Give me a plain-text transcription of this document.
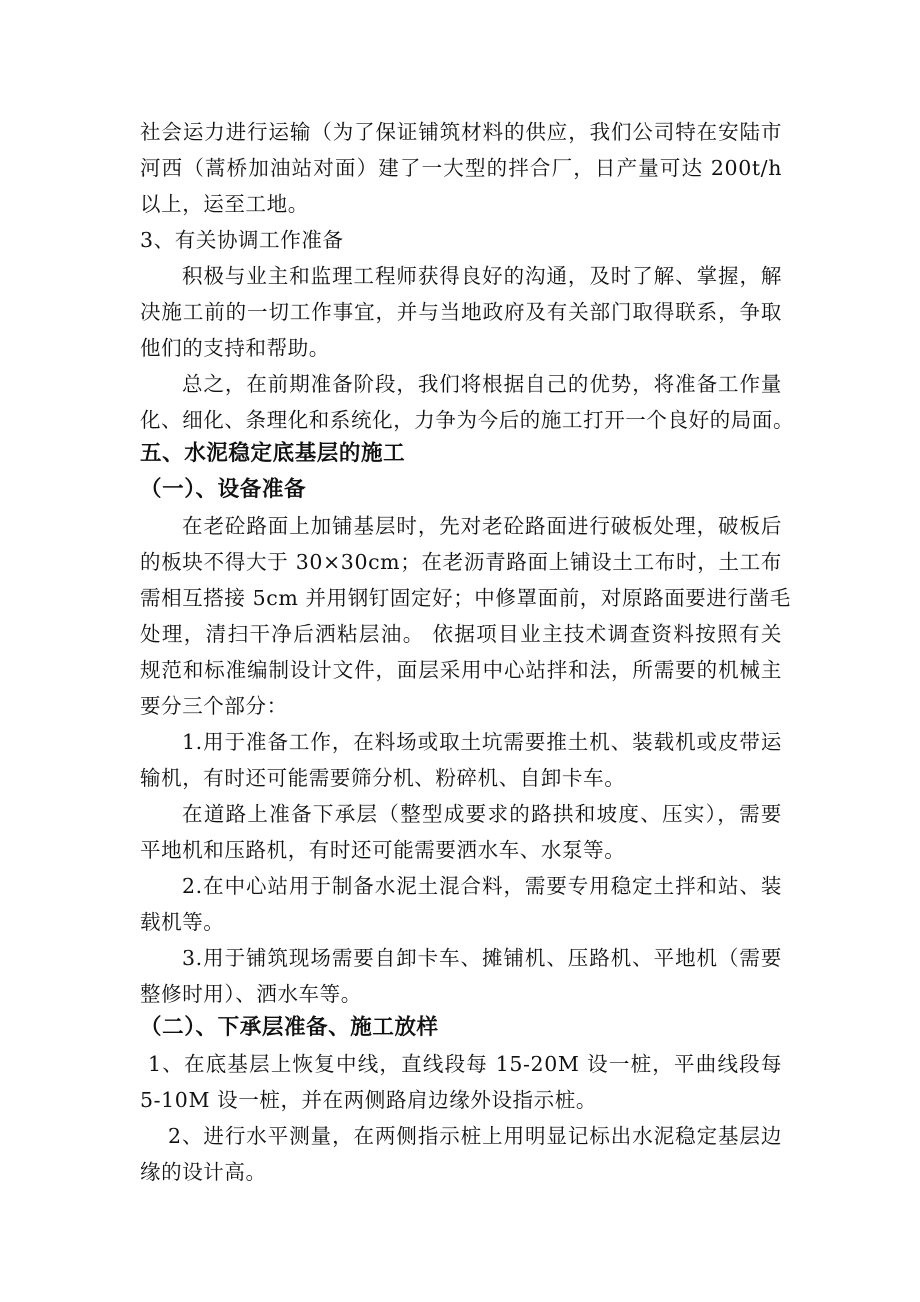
社会运力进行运输（为了保证铺筑材料的供应，我们公司特在安陆市
河西（蒿桥加油站对面）建了一大型的拌合厂，日产量可达 200t/h
以上，运至工地。
3、有关协调工作准备
积极与业主和监理工程师获得良好的沟通，及时了解、掌握，解
决施工前的一切工作事宜，并与当地政府及有关部门取得联系，争取
他们的支持和帮助。
总之，在前期准备阶段，我们将根据自己的优势，将准备工作量
化、细化、条理化和系统化，力争为今后的施工打开一个良好的局面。
五、水泥稳定底基层的施工
（一）、设备准备
在老砼路面上加铺基层时，先对老砼路面进行破板处理，破板后
的板块不得大于 30×30cm；在老沥青路面上铺设土工布时，土工布
需相互搭接 5cm 并用钢钉固定好；中修罩面前，对原路面要进行凿毛
处理，清扫干净后洒粘层油。 依据项目业主技术调查资料按照有关
规范和标准编制设计文件，面层采用中心站拌和法，所需要的机械主
要分三个部分：
1.用于准备工作，在料场或取土坑需要推土机、装载机或皮带运
输机，有时还可能需要筛分机、粉碎机、自卸卡车。
在道路上准备下承层（整型成要求的路拱和坡度、压实），需要
平地机和压路机，有时还可能需要洒水车、水泵等。
2.在中心站用于制备水泥土混合料，需要专用稳定土拌和站、装
载机等。
3.用于铺筑现场需要自卸卡车、摊铺机、压路机、平地机（需要
整修时用）、洒水车等。
（二）、下承层准备、施工放样
1、在底基层上恢复中线，直线段每 15-20M 设一桩，平曲线段每
5-10M 设一桩，并在两侧路肩边缘外设指示桩。
2、进行水平测量，在两侧指示桩上用明显记标出水泥稳定基层边
缘的设计高。
